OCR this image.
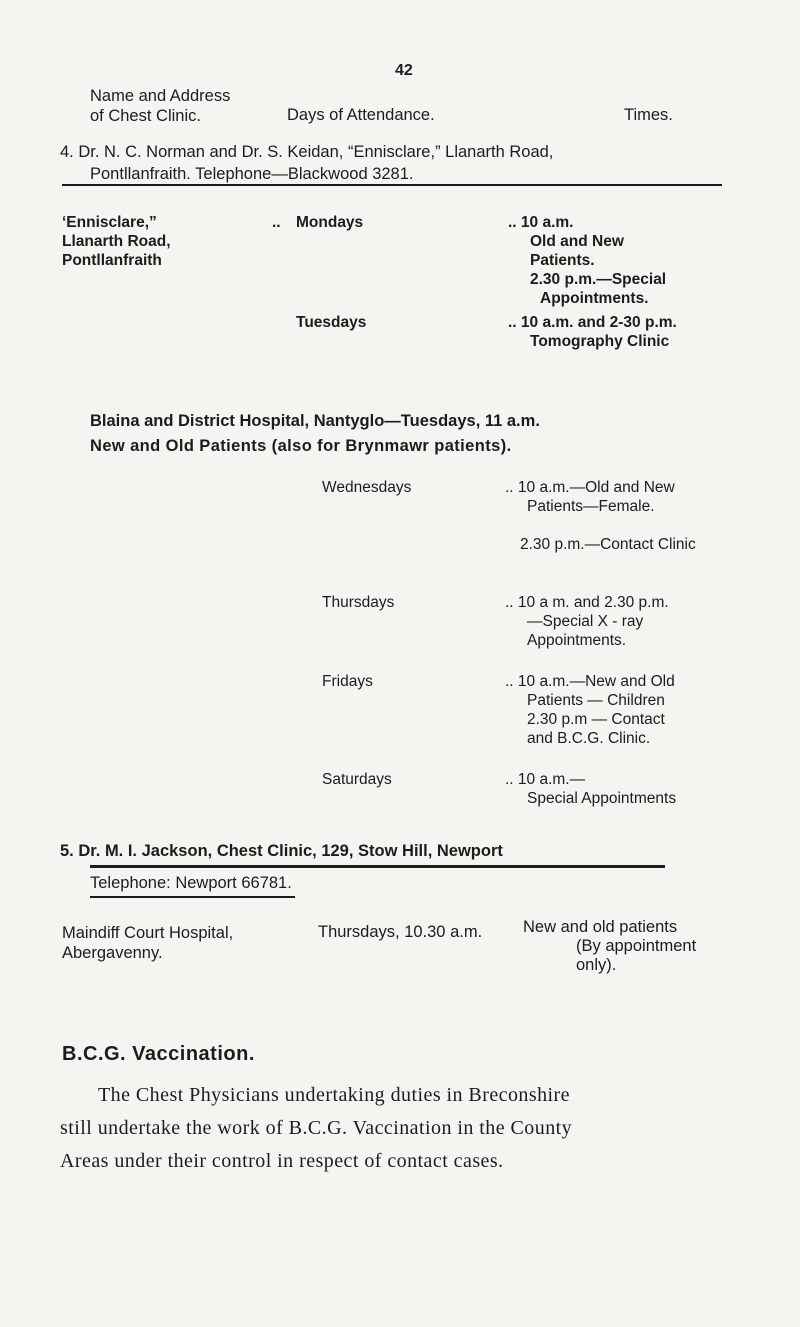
42
Name and Address
of Chest Clinic.	Days of Attendance.	Times.
4. Dr. N. C. Norman and Dr. S. Keidan, “Ennisclare,” Llanarth Road,
Pontllanfraith. Telephone—Blackwood 3281.
‘Ennisclare,”
Llanarth Road,
Pontllanfraith
.. Mondays	.. 10 a.m.
Old and New
Patients.
2.30 p.m.—Special
Appointments.
Tuesdays	.. 10 a.m. and 2-30 p.m.
Tomography Clinic
Blaina and District Hospital, Nantyglo—Tuesdays, 11 a.m.
New and Old Patients (also for Brynmawr patients).
Wednesdays	.. 10 a.m.—Old and New
Patients—Female.
2.30 p.m.—Contact Clinic
Thursdays	.. 10 a m. and 2.30 p.m.
—Special X - ray
Appointments.
Fridays	.. 10 a.m.—New and Old
Patients — Children
2.30 p.m — Contact
and B.C.G. Clinic.
Saturdays	.. 10 a.m.—
Special Appointments
5. Dr. M. I. Jackson, Chest Clinic, 129, Stow Hill, Newport
Telephone: Newport 66781.
Maindiff Court Hospital,
Abergavenny.
Thursdays, 10.30 a.m. New and old patients
(By appointment
only).
B.C.G. Vaccination.
The Chest Physicians undertaking duties in Breconshire
still undertake the work of B.C.G. Vaccination in the County
Areas under their control in respect of contact cases.
